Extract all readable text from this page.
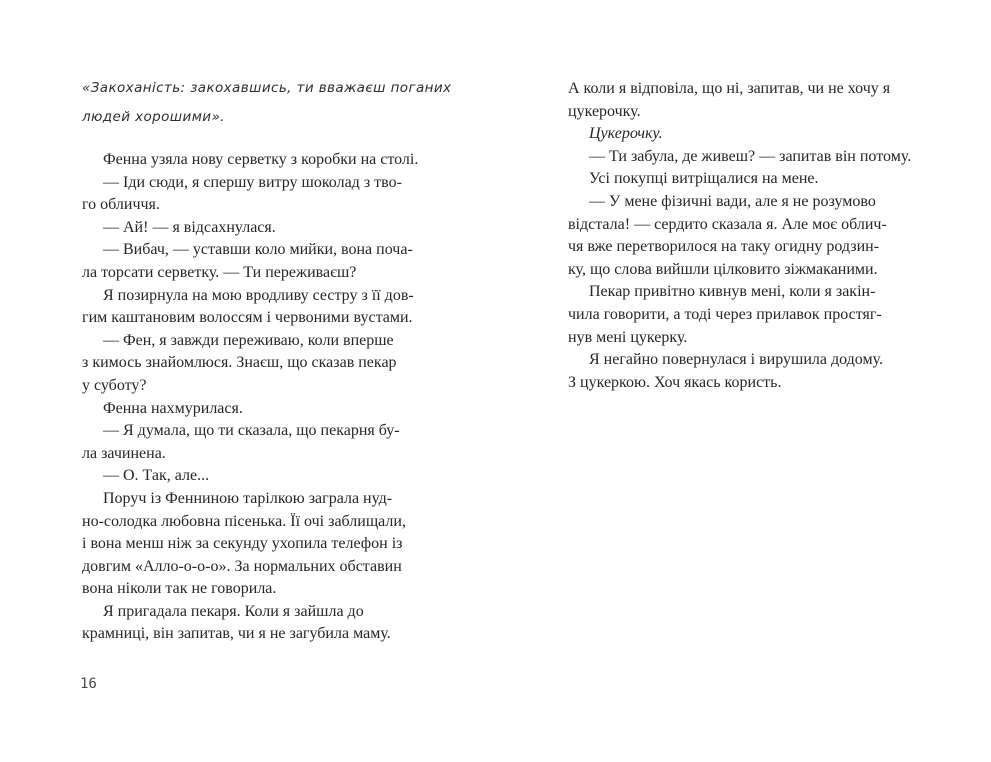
«Закоханість: закохавшись, ти вважаєш поганих
людей хорошими».
Фенна узяла нову серветку з коробки на столі.
— Іди сюди, я спершу витру шоколад з тво-
го обличчя.
— Ай! — я відсахнулася.
— Вибач, — уставши коло мийки, вона поча-
ла торсати серветку. — Ти переживаєш?
Я позирнула на мою вродливу сестру з її дов-
гим каштановим волоссям і червоними вустами.
— Фен, я завжди переживаю, коли вперше
з кимось знайомлюся. Знаєш, що сказав пекар
у суботу?
Фенна нахмурилася.
— Я думала, що ти сказала, що пекарня бу-
ла зачинена.
— О. Так, але...
Поруч із Фенниною тарілкою заграла нуд-
но-солодка любовна пісенька. Її очі заблищали,
і вона менш ніж за секунду ухопила телефон із
довгим «Алло-о-о-о». За нормальних обставин
вона ніколи так не говорила.
Я пригадала пекаря. Коли я зайшла до
крамниці, він запитав, чи я не загубила маму.
А коли я відповіла, що ні, запитав, чи не хочу я
цукерочку.
Цукерочку.
— Ти забула, де живеш? — запитав він потому.
Усі покупці витріщалися на мене.
— У мене фізичні вади, але я не розумово
відстала! — сердито сказала я. Але моє облич-
чя вже перетворилося на таку огидну родзин-
ку, що слова вийшли цілковито зіжмаканими.
Пекар привітно кивнув мені, коли я закін-
чила говорити, а тоді через прилавок простяг-
нув мені цукерку.
Я негайно повернулася і вирушила додому.
З цукеркою. Хоч якась користь.
16
